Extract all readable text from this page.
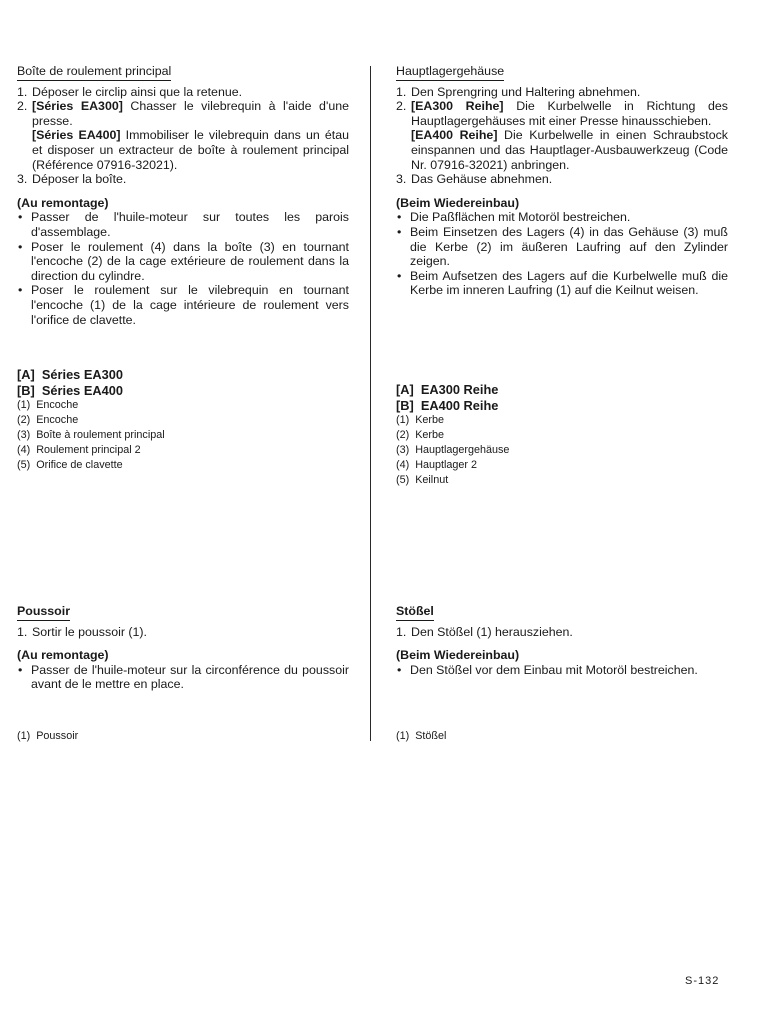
Boîte de roulement principal
1. Déposer le circlip ainsi que la retenue.
2. [Séries EA300] Chasser le vilebrequin à l'aide d'une presse.
[Séries EA400] Immobiliser le vilebrequin dans un étau et disposer un extracteur de boîte à roulement principal (Référence 07916-32021).
3. Déposer la boîte.
(Au remontage)
• Passer de l'huile-moteur sur toutes les parois d'assemblage.
• Poser le roulement (4) dans la boîte (3) en tournant l'encoche (2) de la cage extérieure de roulement dans la direction du cylindre.
• Poser le roulement sur le vilebrequin en tournant l'encoche (1) de la cage intérieure de roulement vers l'orifice de clavette.
[A]  Séries EA300
[B]  Séries EA400
(1)  Encoche
(2)  Encoche
(3)  Boîte à roulement principal
(4)  Roulement principal 2
(5)  Orifice de clavette
Poussoir
1. Sortir le poussoir (1).
(Au remontage)
• Passer de l'huile-moteur sur la circonférence du poussoir avant de le mettre en place.
(1)  Poussoir
Hauptlagergehäuse
1. Den Sprengring und Haltering abnehmen.
2. [EA300 Reihe] Die Kurbelwelle in Richtung des Hauptlagergehäuses mit einer Presse hinausschieben.
[EA400 Reihe] Die Kurbelwelle in einen Schraubstock einspannen und das Hauptlager-Ausbauwerkzeug (Code Nr. 07916-32021) anbringen.
3. Das Gehäuse abnehmen.
(Beim Wiedereinbau)
• Die Paßflächen mit Motoröl bestreichen.
• Beim Einsetzen des Lagers (4) in das Gehäuse (3) muß die Kerbe (2) im äußeren Laufring auf den Zylinder zeigen.
• Beim Aufsetzen des Lagers auf die Kurbelwelle muß die Kerbe im inneren Laufring (1) auf die Keilnut weisen.
[A]  EA300 Reihe
[B]  EA400 Reihe
(1)  Kerbe
(2)  Kerbe
(3)  Hauptlagergehäuse
(4)  Hauptlager 2
(5)  Keilnut
Stößel
1. Den Stößel (1) herausziehen.
(Beim Wiedereinbau)
• Den Stößel vor dem Einbau mit Motoröl bestreichen.
(1)  Stößel
S-132
